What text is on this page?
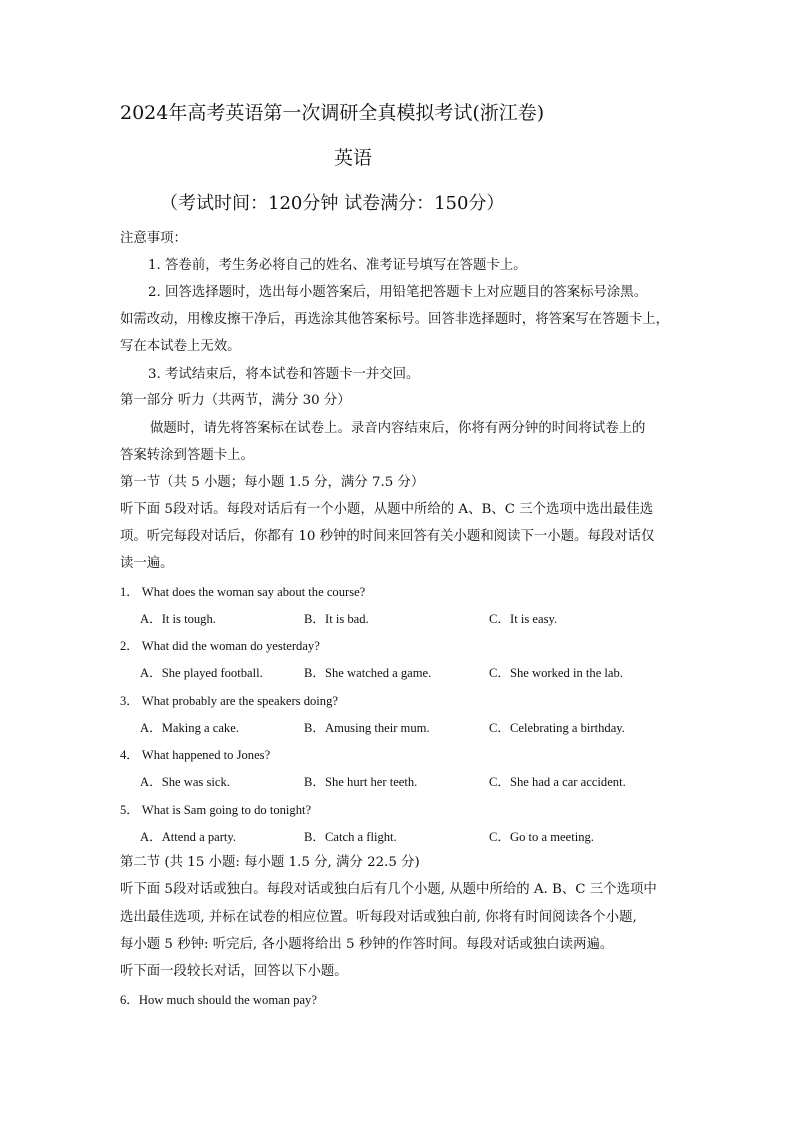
2024年高考英语第一次调研全真模拟考试(浙江卷)
英语
（考试时间：120分钟 试卷满分：150分）
注意事项：
1. 答卷前，考生务必将自己的姓名、准考证号填写在答题卡上。
2. 回答选择题时，选出每小题答案后，用铅笔把答题卡上对应题目的答案标号涂黑。
如需改动，用橡皮擦干净后，再选涂其他答案标号。回答非选择题时，将答案写在答题卡上，
写在本试卷上无效。
3. 考试结束后，将本试卷和答题卡一并交回。
第一部分 听力（共两节，满分 30 分）
做题时，请先将答案标在试卷上。录音内容结束后，你将有两分钟的时间将试卷上的
答案转涂到答题卡上。
第一节（共 5 小题；每小题 1.5 分，满分 7.5 分）
听下面 5段对话。每段对话后有一个小题，从题中所给的 A、B、C 三个选项中选出最佳选
项。听完每段对话后，你都有 10 秒钟的时间来回答有关小题和阅读下一小题。每段对话仅
读一遍。
1． What does the woman say about the course?
A．It is tough.	B．It is bad.	C．It is easy.
2． What did the woman do yesterday?
A．She played football.	B．She watched a game.	C．She worked in the lab.
3． What probably are the speakers doing?
A．Making a cake.	B．Amusing their mum.	C．Celebrating a birthday.
4． What happened to Jones?
A．She was sick.	B．She hurt her teeth.	C．She had a car accident.
5． What is Sam going to do tonight?
A．Attend a party.	B．Catch a flight.	C．Go to a meeting.
第二节 (共 15 小题: 每小题 1.5 分, 满分 22.5 分)
听下面 5段对话或独白。每段对话或独白后有几个小题, 从题中所给的 A. B、C 三个选项中
选出最佳选项, 并标在试卷的相应位置。听每段对话或独白前, 你将有时间阅读各个小题,
每小题 5 秒钟: 听完后, 各小题将给出 5 秒钟的作答时间。每段对话或独白读两遍。
听下面一段较长对话，回答以下小题。
6．How much should the woman pay?
